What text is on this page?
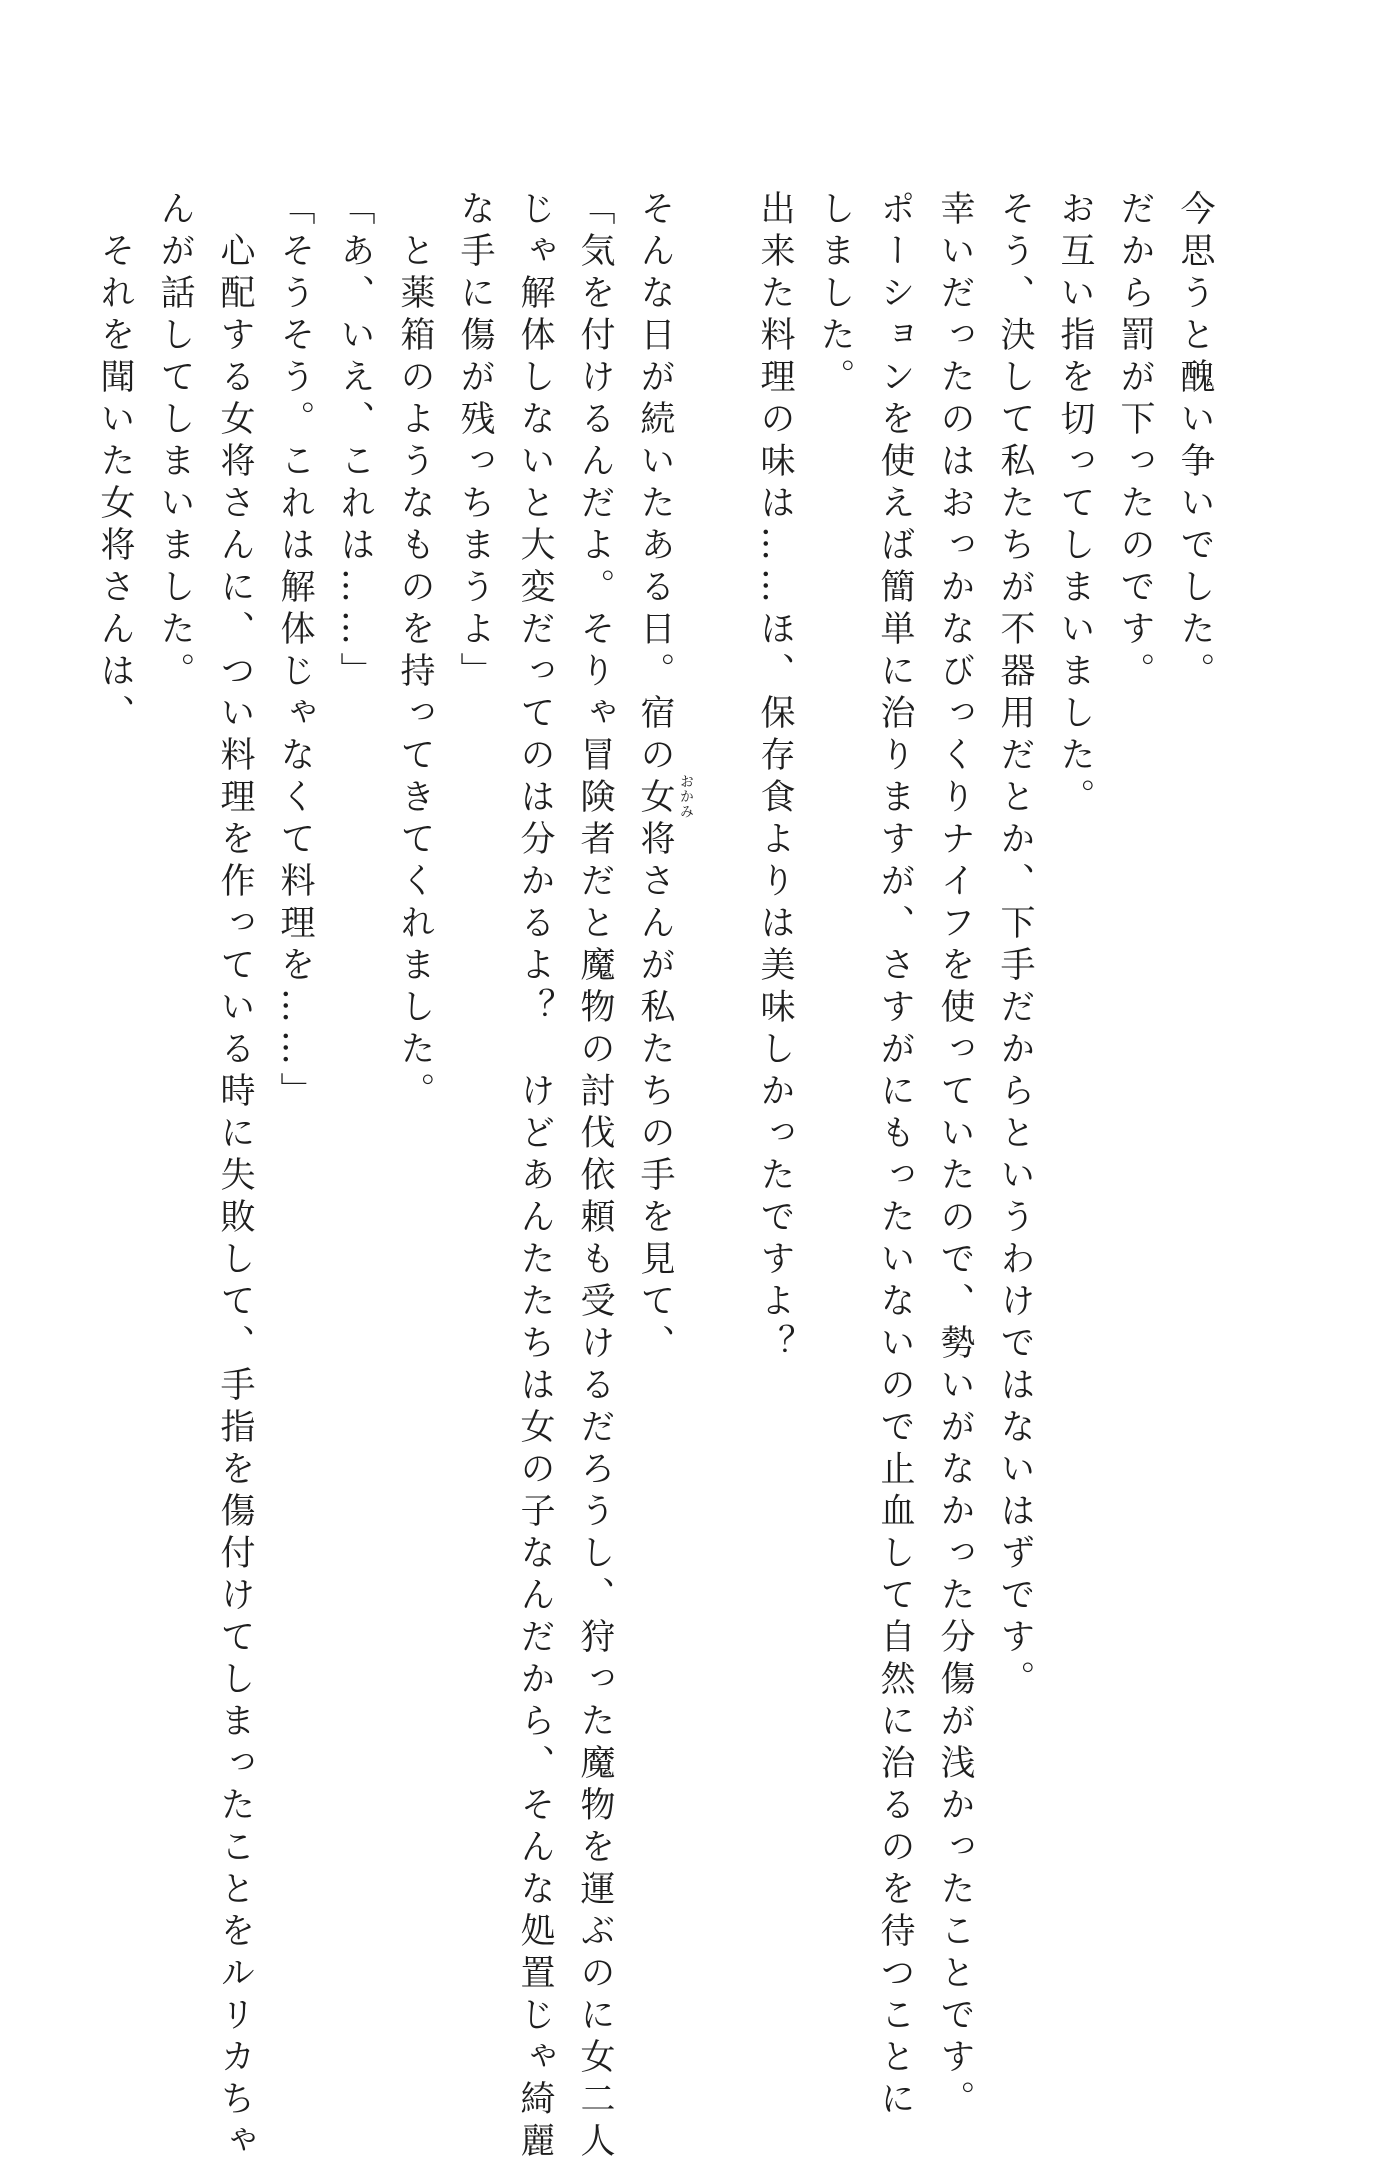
今思うと醜い争いでした。
だから罰が下ったのです。
お互い指を切ってしまいました。
そう、決して私たちが不器用だとか、下手だからというわけではないはずです。
幸いだったのはおっかなびっくりナイフを使っていたので、勢いがなかった分傷が浅かったことです。
ポーションを使えば簡単に治りますが、さすがにもったいないので止血して自然に治るのを待つことに
しました。
出来た料理の味は……ほ、保存食よりは美味しかったですよ？
そんな日が続いたある日。宿の女将 おかみ
さんが私たちの手を見て、
「気を付けるんだよ。そりゃ冒険者だと魔物の討伐依頼も受けるだろうし、狩った魔物を運ぶのに女二人
じゃ解体しないと大変だってのは分かるよ？　けどあんたたちは女の子なんだから、そんな処置じゃ綺麗
な手に傷が残っちまうよ」
　と薬箱のようなものを持ってきてくれました。
「あ、いえ、これは……」
「そうそう。これは解体じゃなくて料理を……」
　心配する女将さんに、つい料理を作っている時に失敗して、手指を傷付けてしまったことをルリカちゃ
んが話してしまいました。
　それを聞いた女将さんは、
